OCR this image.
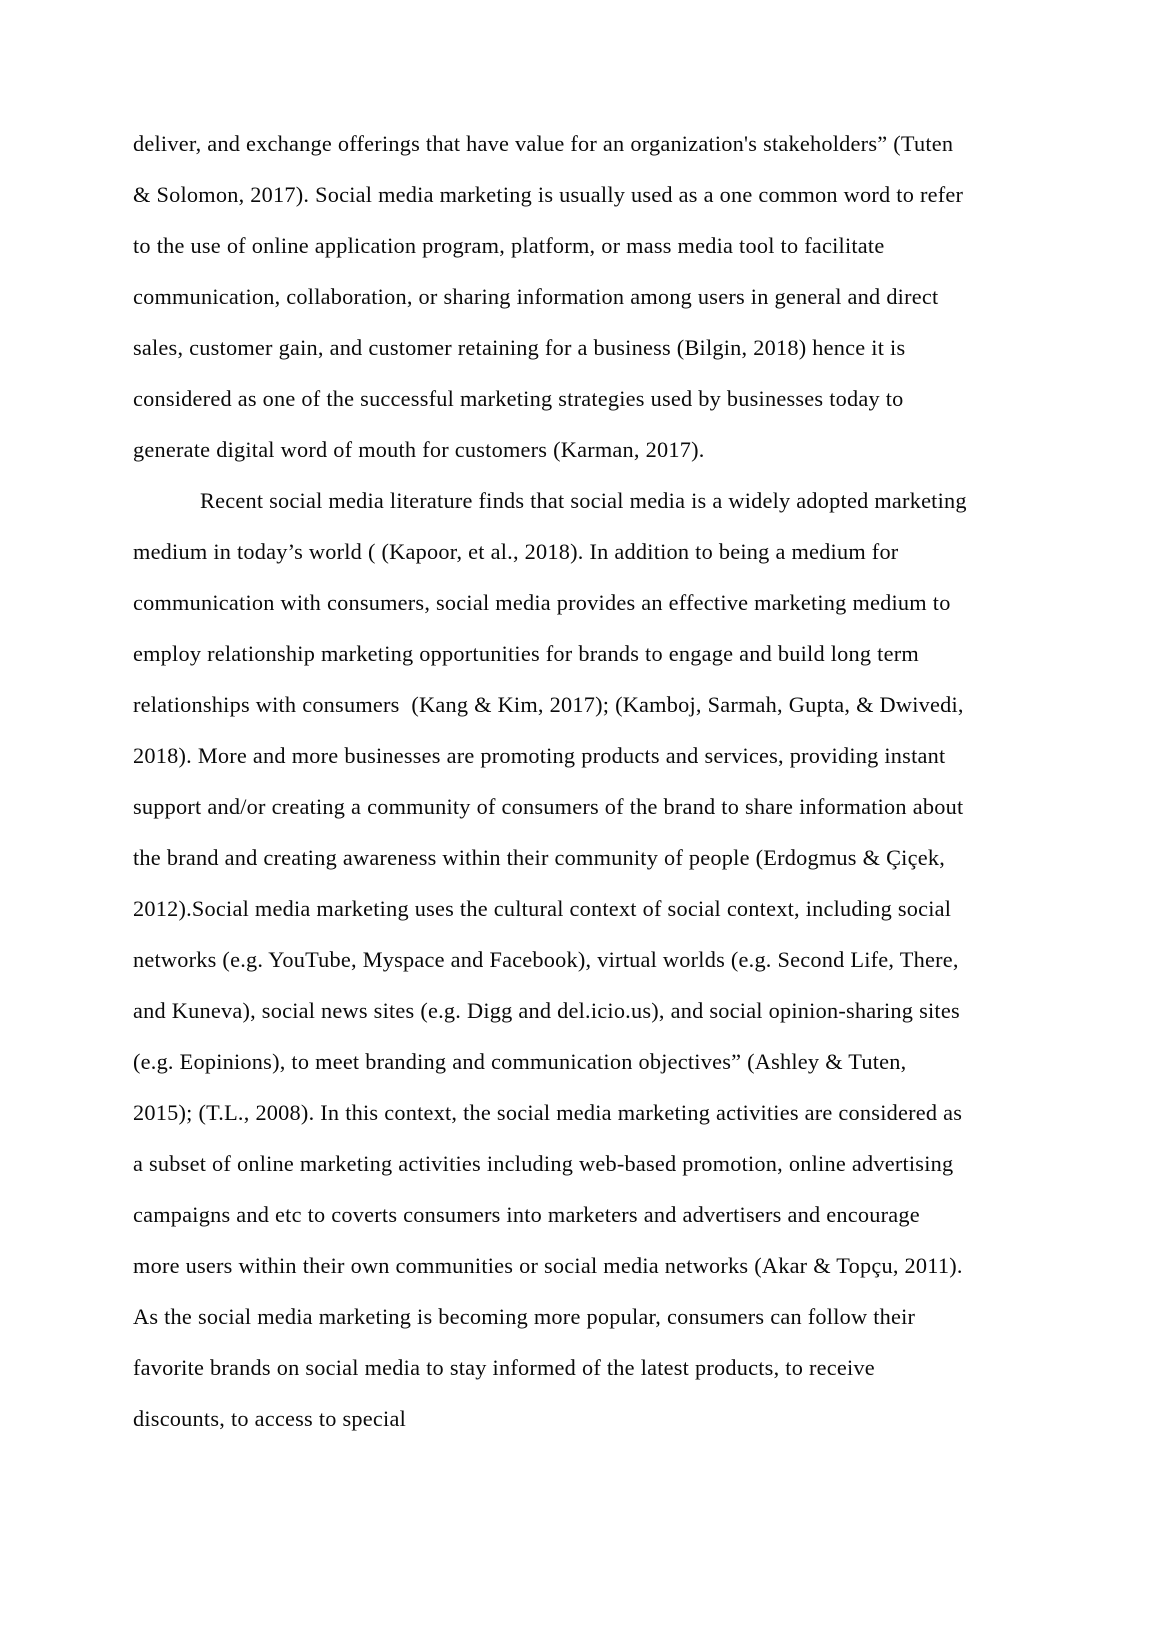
deliver, and exchange offerings that have value for an organization's stakeholders” (Tuten & Solomon, 2017). Social media marketing is usually used as a one common word to refer to the use of online application program, platform, or mass media tool to facilitate communication, collaboration, or sharing information among users in general and direct sales, customer gain, and customer retaining for a business (Bilgin, 2018) hence it is considered as one of the successful marketing strategies used by businesses today to generate digital word of mouth for customers (Karman, 2017).

Recent social media literature finds that social media is a widely adopted marketing medium in today’s world ( (Kapoor, et al., 2018). In addition to being a medium for communication with consumers, social media provides an effective marketing medium to employ relationship marketing opportunities for brands to engage and build long term relationships with consumers  (Kang & Kim, 2017); (Kamboj, Sarmah, Gupta, & Dwivedi, 2018). More and more businesses are promoting products and services, providing instant support and/or creating a community of consumers of the brand to share information about the brand and creating awareness within their community of people (Erdogmus & Çiçek, 2012).Social media marketing uses the cultural context of social context, including social networks (e.g. YouTube, Myspace and Facebook), virtual worlds (e.g. Second Life, There, and Kuneva), social news sites (e.g. Digg and del.icio.us), and social opinion-sharing sites (e.g. Eopinions), to meet branding and communication objectives” (Ashley & Tuten, 2015); (T.L., 2008). In this context, the social media marketing activities are considered as a subset of online marketing activities including web-based promotion, online advertising campaigns and etc to coverts consumers into marketers and advertisers and encourage more users within their own communities or social media networks (Akar & Topçu, 2011). As the social media marketing is becoming more popular, consumers can follow their favorite brands on social media to stay informed of the latest products, to receive discounts, to access to special
